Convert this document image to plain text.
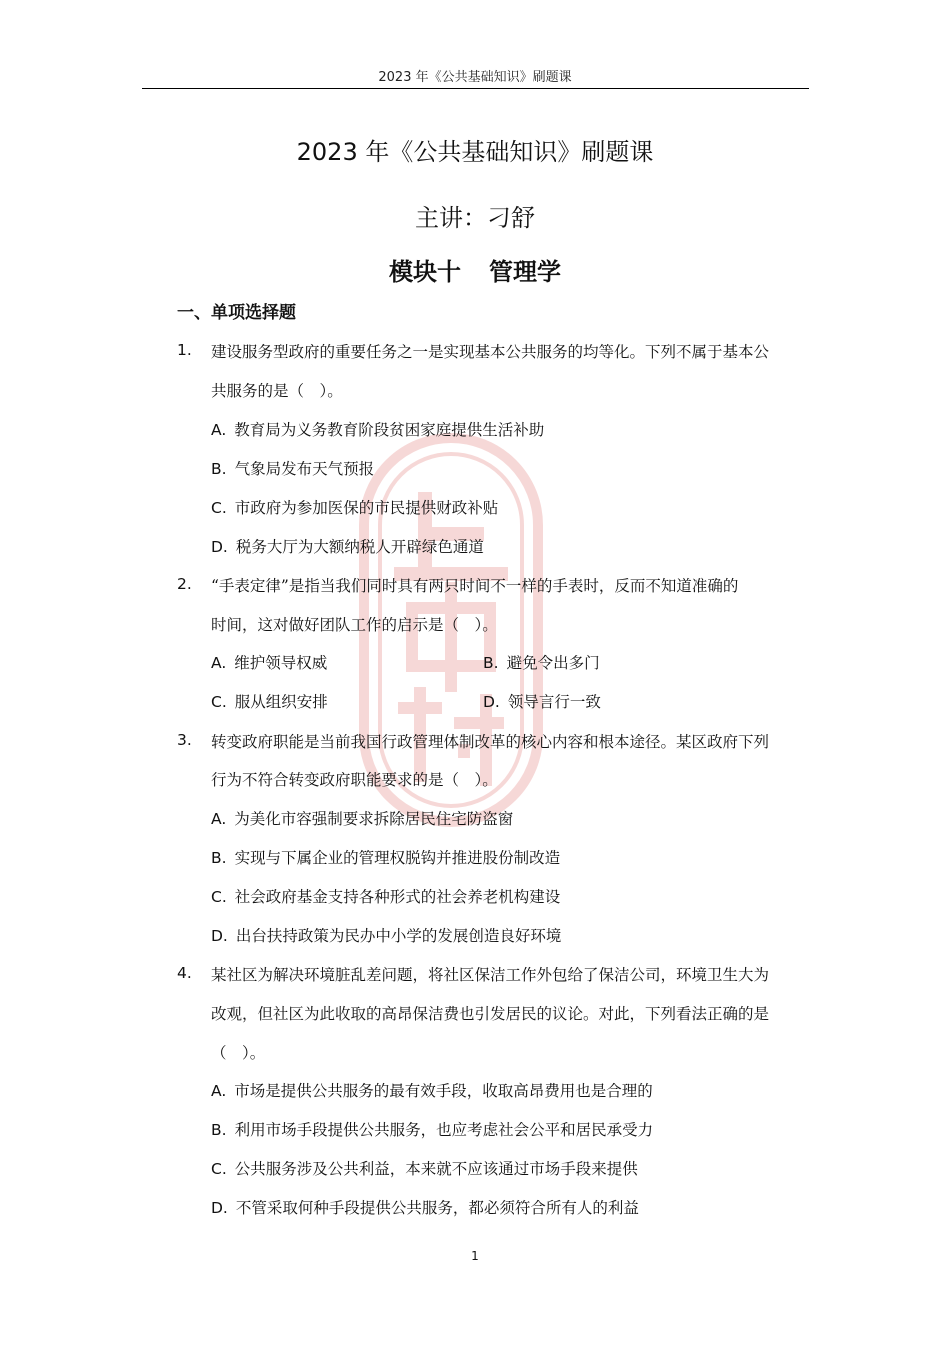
2023 年《公共基础知识》刷题课
2023 年《公共基础知识》刷题课
主讲：刁舒
模块十 管理学
一、单项选择题
1. 建设服务型政府的重要任务之一是实现基本公共服务的均等化。下列不属于基本公
共服务的是（　）。
A. 教育局为义务教育阶段贫困家庭提供生活补助
B. 气象局发布天气预报
C. 市政府为参加医保的市民提供财政补贴
D. 税务大厅为大额纳税人开辟绿色通道
2. “手表定律”是指当我们同时具有两只时间不一样的手表时，反而不知道准确的
时间，这对做好团队工作的启示是（　）。
A. 维护领导权威	B. 避免令出多门
C. 服从组织安排	D. 领导言行一致
3. 转变政府职能是当前我国行政管理体制改革的核心内容和根本途径。某区政府下列
行为不符合转变政府职能要求的是（　）。
A. 为美化市容强制要求拆除居民住宅防盗窗
B. 实现与下属企业的管理权脱钩并推进股份制改造
C. 社会政府基金支持各种形式的社会养老机构建设
D. 出台扶持政策为民办中小学的发展创造良好环境
4. 某社区为解决环境脏乱差问题，将社区保洁工作外包给了保洁公司，环境卫生大为
改观，但社区为此收取的高昂保洁费也引发居民的议论。对此，下列看法正确的是
（　）。
A. 市场是提供公共服务的最有效手段，收取高昂费用也是合理的
B. 利用市场手段提供公共服务，也应考虑社会公平和居民承受力
C. 公共服务涉及公共利益，本来就不应该通过市场手段来提供
D. 不管采取何种手段提供公共服务，都必须符合所有人的利益
1
